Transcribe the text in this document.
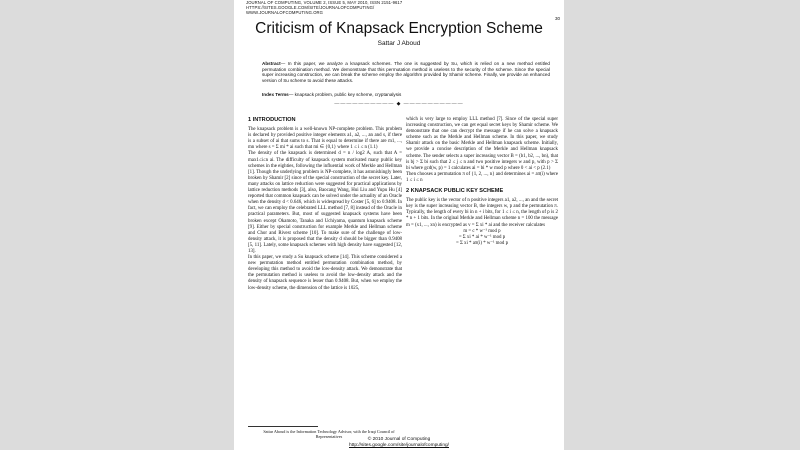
JOURNAL OF COMPUTING, VOLUME 2, ISSUE 5, MAY 2010, ISSN 2151-9617
HTTPS://SITES.GOOGLE.COM/SITE/JOURNALOFCOMPUTING/
WWW.JOURNALOFCOMPUTING.ORG
30
Criticism of Knapsack Encryption Scheme
Sattar J Aboud
Abstract— In this paper, we analyze a knapsack schemes. The one is suggested by Su, which is relied on a new method entitled permutation combination method. We demonstrate that this permutation method is useless to the security of the scheme. Since the special super increasing construction, we can break the scheme employ the algorithm provided by Shamir scheme. Finally, we provide an enhanced version of Su scheme to avoid these attacks.
Index Terms— knapsack problem, public key scheme, cryptanalysis
—————————— ◆ ——————————
1 INTRODUCTION

The knapsack problem is a well-known NP-complete problem. This problem is declared by provided positive integer elements a1, a2, ..., an and s, if there is a subset of ai that sums to s. That is equal to determine if there are m1, ..., mn where s = Σ mi * ai such that mi ∈ {0,1} where 1 ≤ i ≤ n (1.1)

The density of the knapsack is determined d = n / log2 A, such that A = max1≤i≤n ai. The difficulty of knapsack system motivated many public key schemes in the eighties, following the influential work of Merkle and Hellman [1]. Though the underlying problem is NP-complete, it has astonishingly been broken by Shamir [2] since of the special construction of the secret key. Later, many attacks on lattice reduction were suggested for practical applications by lattice reduction methods [3], also, Baocang Wang, Hui Liu and Yupu Hu [4] reported that common knapsack can be solved under the actuality of an Oracle when the density d < 0.646, which is widespread by Coster [5, 6] to 0.9408. In fact, we can employ the celebrated LLL method [7, 8] instead of the Oracle in practical parameters. But, most of suggested knapsack systems have been broken except Okamoto, Tanaka and Uchiyama, quantum knapsack scheme [9]. Either by special construction for example Merkle and Hellman scheme and Chor and Rivest scheme [10]. To make sure of the challenge of low-density attack, it is proposed that the density d should be bigger than 0.9408 [5, 11]. Lately, some knapsack schemes with high density have suggested [12, 13].

In this paper, we study a Su knapsack scheme [14]. This scheme considered a new permutation method entitled permutation combination method, by developing this method to avoid the low-density attack. We demonstrate that the permutation method is useless to avoid the low-density attack and the density of knapsack sequence is lesser than 0.9408. But, when we employ the low-density scheme, the dimension of the lattice is 1025,

which is very large to employ LLL method [7]. Since of the special super increasing construction, we can get equal secret keys by Shamir scheme. We demonstrate that one can decrypt the message if he can solve a knapsack scheme such as the Merkle and Hellman scheme. In this paper, we study Shamir attack on the basic Merkle and Hellman knapsack scheme. Initially, we provide a concise description of the Merkle and Hellman knapsack scheme. The sender selects a super increasing vector B = (b1, b2, ..., bn), that is bj > Σ bi such that 2 ≤ j ≤ n and two positive integers w and p, with p > Σ bi where gcd(w, p) = 1 calculates ai = bi * w mod p where 0 < ai < p (2.1)

Then chooses a permutation π of {1, 2, ..., n} and determines ai = aπ(i) where 1 ≤ i ≤ n

2 KNAPSACK PUBLIC KEY SCHEME

The public key is the vector of n positive integers a1, a2, ..., an and the secret key is the super increasing vector B, the integers w, p and the permutation π. Typically, the length of every bi in n + i bits, for 1 ≤ i ≤ n, the length of p is 2 * n + 1 bits. In the original Merkle and Hellman scheme n = 100 the message m = (x1, ..., xn) is encrypted as v = Σ xi * ai and the receiver calculates

m = c * w⁻¹ mod p

= Σ xi * ai * w⁻¹ mod p

= Σ xi * aπ(i) * w⁻¹ mod p

Sattar Aboud is the Information Technology Advisor, with the Iraqi Council of Representatives
© 2010 Journal of Computing
http://sites.google.com/site/journalofcomputing/
